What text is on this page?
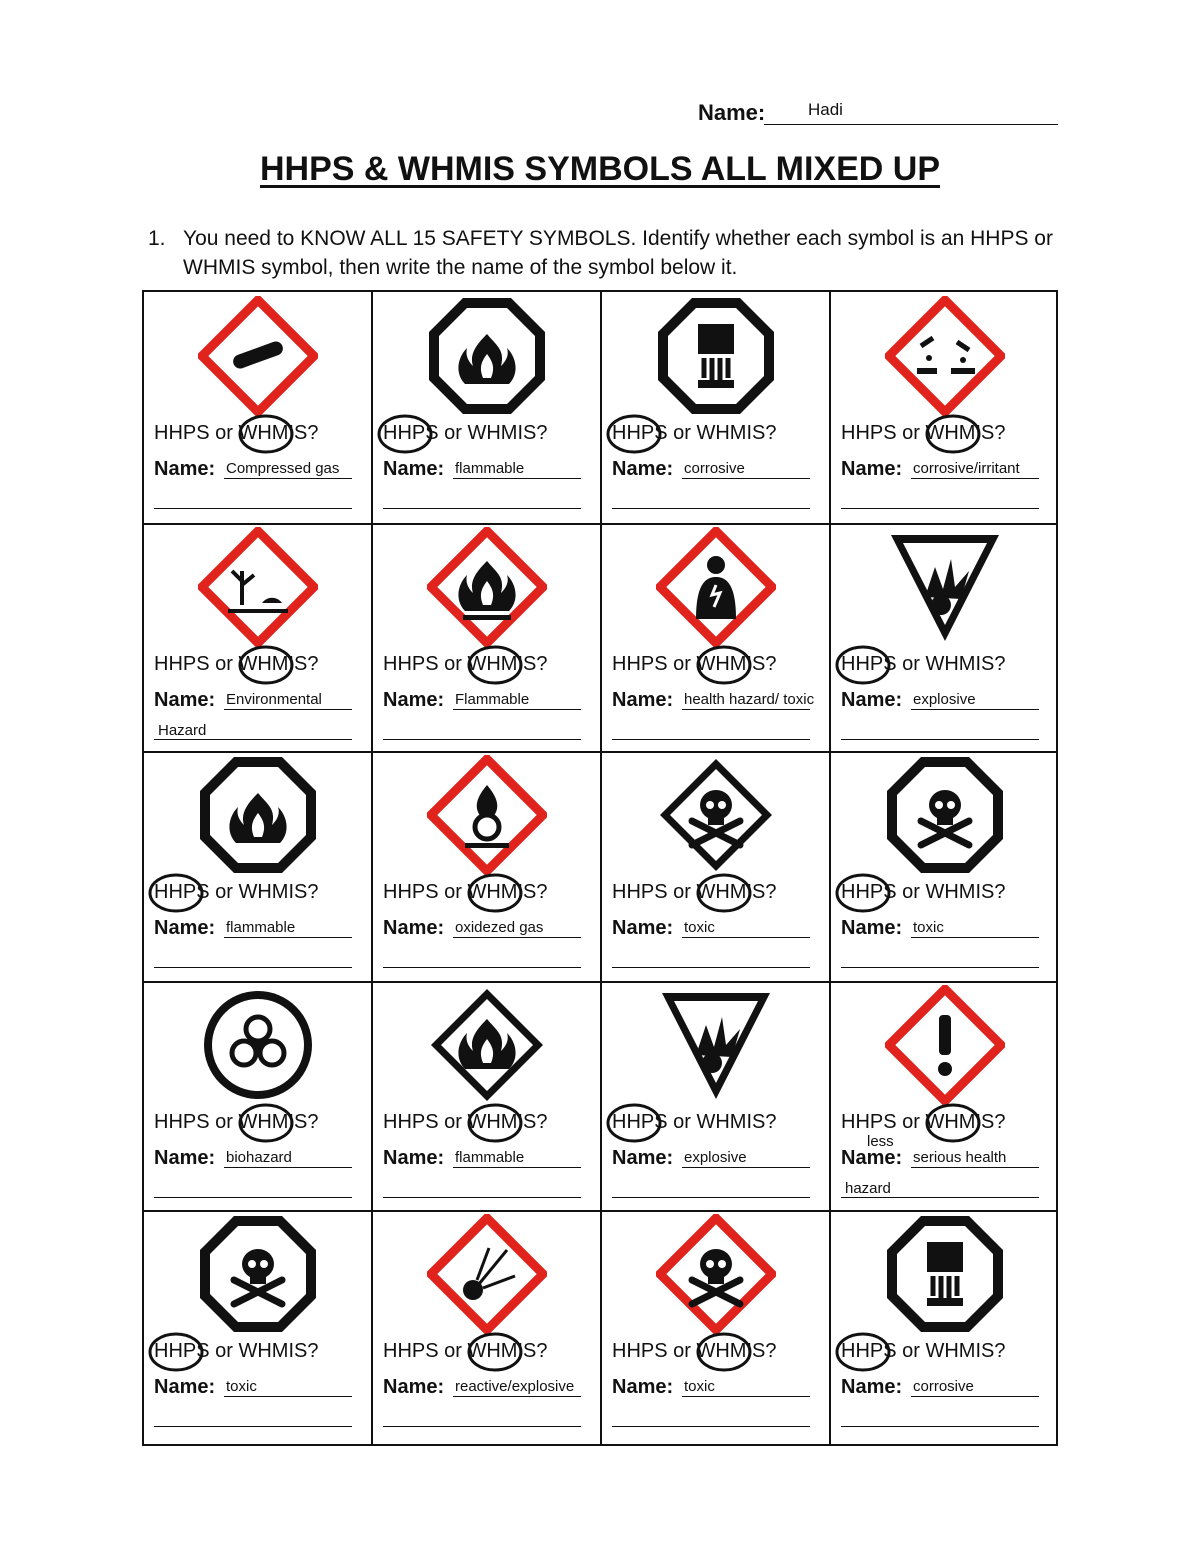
Name:	Hadi
HHPS & WHMIS SYMBOLS ALL MIXED UP
1. You need to KNOW ALL 15 SAFETY SYMBOLS. Identify whether each symbol is an HHPS or WHMIS symbol, then write the name of the symbol below it.
HHPS or WHMIS?
Name: Compressed gas
HHPS or WHMIS?
Name: flammable
HHPS or WHMIS?
Name: corrosive
HHPS or WHMIS?
Name: corrosive/irritant
HHPS or WHMIS?
Name: Environmental
Hazard
HHPS or WHMIS?
Name: Flammable
HHPS or WHMIS?
Name: health hazard/ toxic
HHPS or WHMIS?
Name: explosive
HHPS or WHMIS?
Name: flammable
HHPS or WHMIS?
Name: oxidezed gas
HHPS or WHMIS?
Name: toxic
HHPS or WHMIS?
Name: toxic
HHPS or WHMIS?
Name: biohazard
HHPS or WHMIS?
Name: flammable
HHPS or WHMIS?
Name: explosive
HHPS or WHMIS?
Name:
less
serious health
hazard
HHPS or WHMIS?
Name: toxic
HHPS or WHMIS?
Name: reactive/explosive
HHPS or WHMIS?
Name: toxic
HHPS or WHMIS?
Name: corrosive
